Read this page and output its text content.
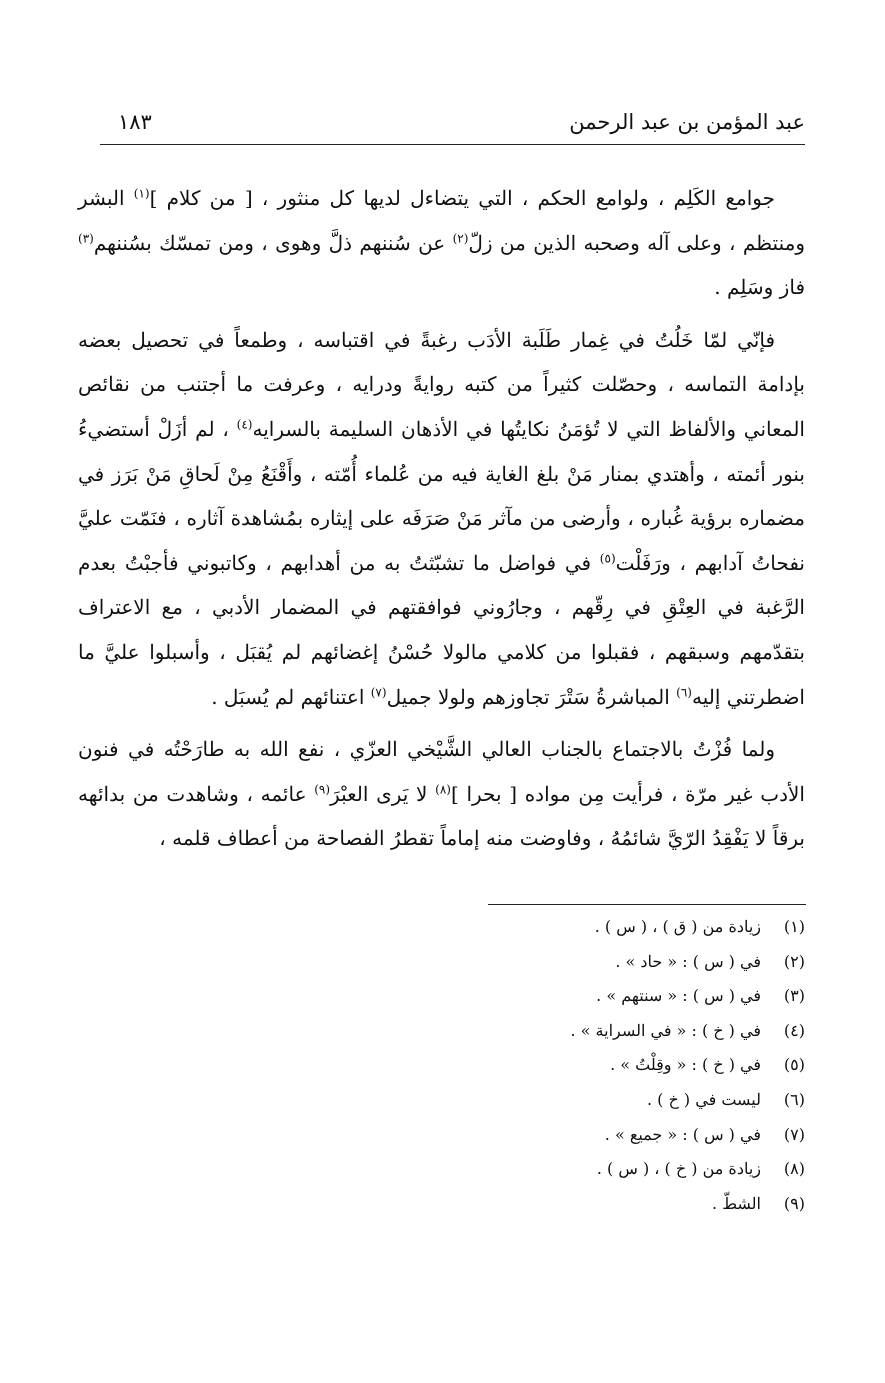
عبد المؤمن بن عبد الرحمن
١٨٣

جوامع الكَلِم ، ولوامع الحكم ، التي يتضاءل لديها كل منثور ، [ من كلام ]$^{(١)}$ البشر ومنتظم ، وعلى آله وصحبه الذين من زلّ$^{(٢)}$ عن سُننهم ذلَّ وهوى ، ومن تمسّك بسُننهم$^{(٣)}$ فاز وسَلِم .

فإنّي لمّا خَلُتُ في غِمار طَلَبة الأدَب رغبةً في اقتباسه ، وطمعاً في تحصيل بعضه بإدامة التماسه ، وحصّلت كثيراً من كتبه روايةً ودرايه ، وعرفت ما أجتنب من نقائص المعاني والألفاظ التي لا تُؤمَنُ نكايتُها في الأذهان السليمة بالسرايه$^{(٤)}$ ، لم أزَلْ أستضيءُ بنور أئمته ، وأهتدي بمنار مَنْ بلغ الغاية فيه من عُلماء أُمّته ، وأَقْنَعُ مِنْ لَحاقِ مَنْ بَرَز في مضماره برؤية غُباره ، وأرضى من مآثر مَنْ صَرَفَه على إيثاره بمُشاهدة آثاره ، فنَمّت عليَّ نفحاتُ آدابهم ، ورَفَلْت$^{(٥)}$ في فواضل ما تشبّثتُ به من أهدابهم ، وكاتبوني فأجبْتُ بعدم الرَّغبة في العِتْقِ في رِقّهم ، وجارُوني فوافقتهم في المضمار الأدبي ، مع الاعتراف بتقدّمهم وسبقهم ، فقبلوا من كلامي مالولا حُسْنُ إغضائهم لم يُقبَل ، وأسبلوا عليَّ ما اضطرتني إليه$^{(٦)}$ المباشرةُ سَتْرَ تجاوزهم ولولا جميل$^{(٧)}$ اعتنائهم لم يُسبَل .

ولما فُزْتُ بالاجتماع بالجناب العالي الشَّيْخي العزّي ، نفع الله به طارَحْتُه في فنون الأدب غير مرّة ، فرأيت مِن مواده [ بحرا ]$^{(٨)}$ لا يَرى العبْرَ$^{(٩)}$ عائمه ، وشاهدت من بدائهه برقاً لا يَفْقِدُ الرّيَّ شائمُهُ ، وفاوضت منه إماماً تقطرُ الفصاحة من أعطاف قلمه ،

(١)زيادة من ( ق ) ، ( س ) .
(٢)في ( س ) : « حاد » .
(٣)في ( س ) : « سنتهم » .
(٤)في ( خ ) : « في السراية » .
(٥)في ( خ ) : « وقِلْتُ » .
(٦)ليست في ( خ ) .
(٧)في ( س ) : « جميع » .
(٨)زيادة من ( خ ) ، ( س ) .
(٩)الشطّ .
